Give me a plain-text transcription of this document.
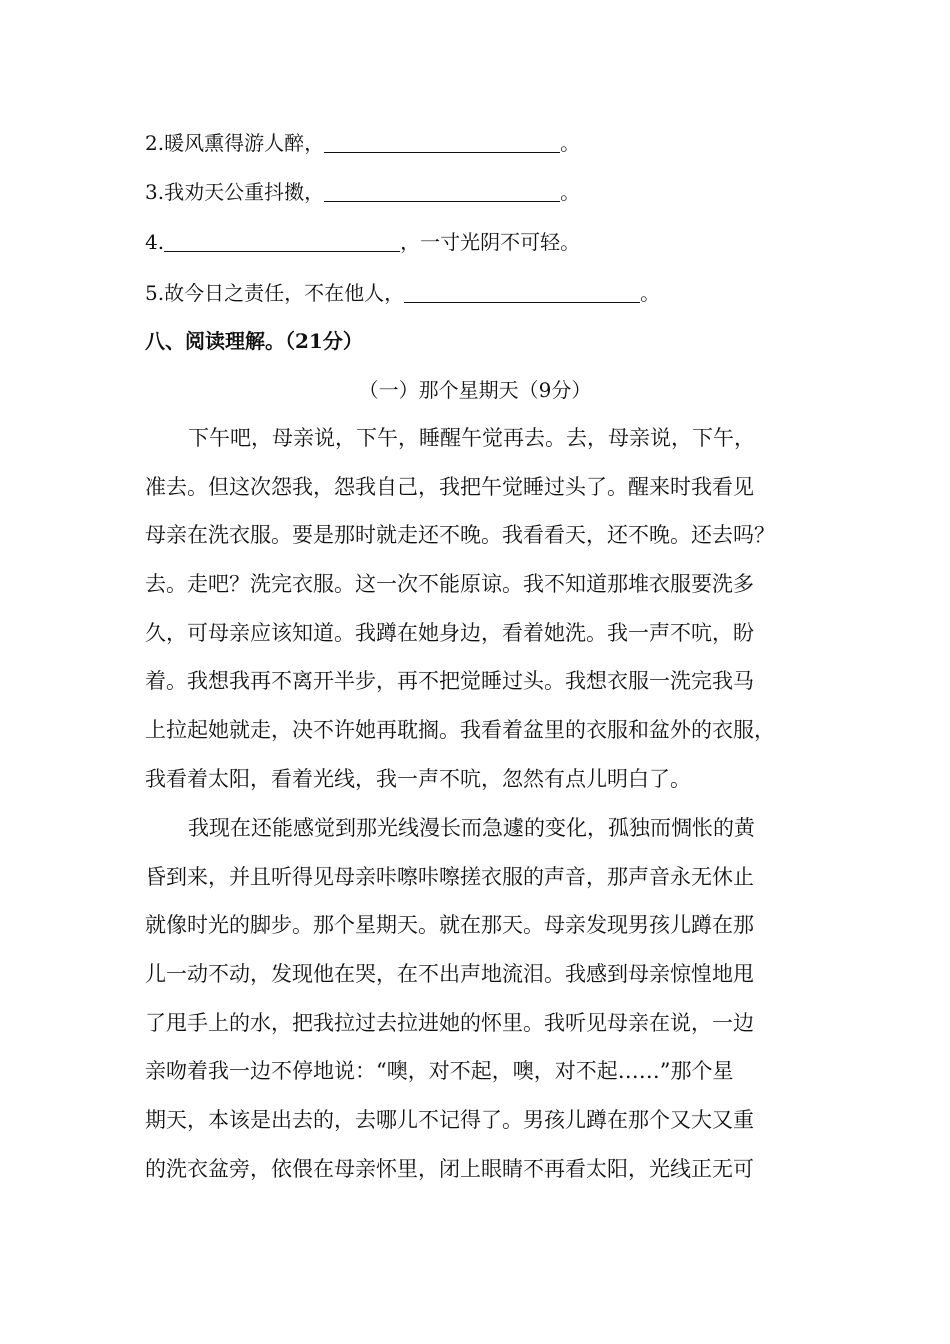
2.暖风熏得游人醉，	。
3.我劝天公重抖擞，	。
4.	，一寸光阴不可轻。
5.故今日之责任，不在他人，	。
八、阅读理解。（21分）
（一）那个星期天（9分）
下午吧，母亲说，下午，睡醒午觉再去。去，母亲说，下午，
准去。但这次怨我，怨我自己，我把午觉睡过头了。醒来时我看见
母亲在洗衣服。要是那时就走还不晚。我看看天，还不晚。还去吗？
去。走吧？洗完衣服。这一次不能原谅。我不知道那堆衣服要洗多
久，可母亲应该知道。我蹲在她身边，看着她洗。我一声不吭，盼
着。我想我再不离开半步，再不把觉睡过头。我想衣服一洗完我马
上拉起她就走，决不许她再耽搁。我看着盆里的衣服和盆外的衣服，
我看着太阳，看着光线，我一声不吭，忽然有点儿明白了。
我现在还能感觉到那光线漫长而急遽的变化，孤独而惆怅的黄
昏到来，并且听得见母亲咔嚓咔嚓搓衣服的声音，那声音永无休止
就像时光的脚步。那个星期天。就在那天。母亲发现男孩儿蹲在那
儿一动不动，发现他在哭，在不出声地流泪。我感到母亲惊惶地甩
了甩手上的水，把我拉过去拉进她的怀里。我听见母亲在说，一边
亲吻着我一边不停地说：“噢，对不起，噢，对不起……”那个星
期天，本该是出去的，去哪儿不记得了。男孩儿蹲在那个又大又重
的洗衣盆旁，依偎在母亲怀里，闭上眼睛不再看太阳，光线正无可
